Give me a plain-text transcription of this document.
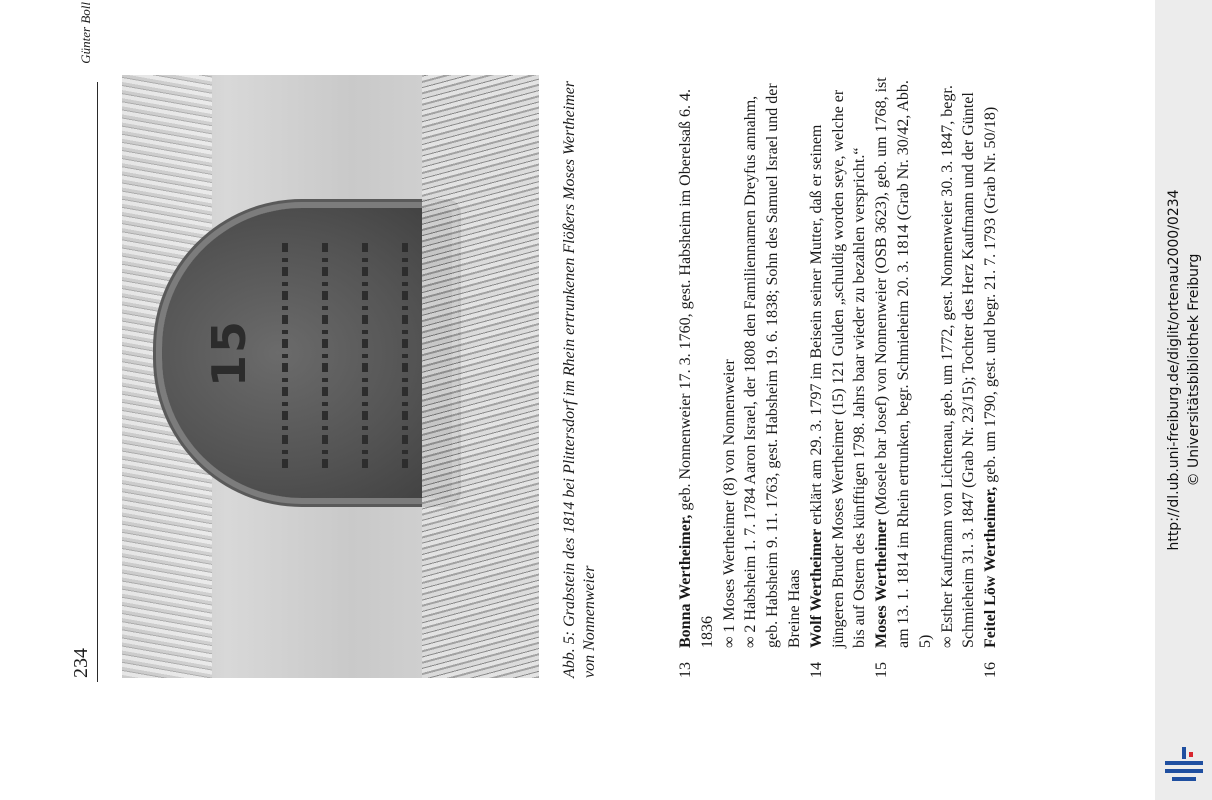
234
Günter Boll
15	Abb. 5: Grabstein des 1814 bei Plittersdorf im Rhein ertrunkenen Flößers Moses Wertheimer von Nonnenweier	13

Bonna Wertheimer, geb. Nonnenweier 17. 3. 1760, gest. Habsheim im Oberelsaß 6. 4. 1836 ∞ 1 Moses Wertheimer (8) von Nonnenweier ∞ 2 Habsheim 1. 7. 1784 Aaron Israel, der 1808 den Familiennamen Dreyfus annahm, geb. Habsheim 9. 11. 1763, gest. Habsheim 19. 6. 1838; Sohn des Samuel Israel und der Breine Haas

14

Wolf Wertheimer erklärt am 29. 3. 1797 im Beisein seiner Mutter, daß er seinem jüngeren Bruder Moses Wertheimer (15) 121 Gulden „schuldig worden seye, welche er bis auf Ostern des künfftigen 1798. Jahrs baar wieder zu bezahlen verspricht.“

15

Moses Wertheimer (Mosele bar Josef) von Nonnenweier (OSB 3623), geb. um 1768, ist am 13. 1. 1814 im Rhein ertrunken, begr. Schmieheim 20. 3. 1814 (Grab Nr. 30/42, Abb. 5) ∞ Esther Kaufmann von Lichtenau, geb. um 1772, gest. Nonnenweier 30. 3. 1847, begr. Schmieheim 31. 3. 1847 (Grab Nr. 23/15); Tochter des Herz Kaufmann und der Güntel

16

Feitel Löw Wertheimer, geb. um 1790, gest. und begr. 21. 7. 1793 (Grab Nr. 50/18)	http://dl.ub.uni-freiburg.de/diglit/ortenau2000/0234 © Universitätsbibliothek Freiburg
